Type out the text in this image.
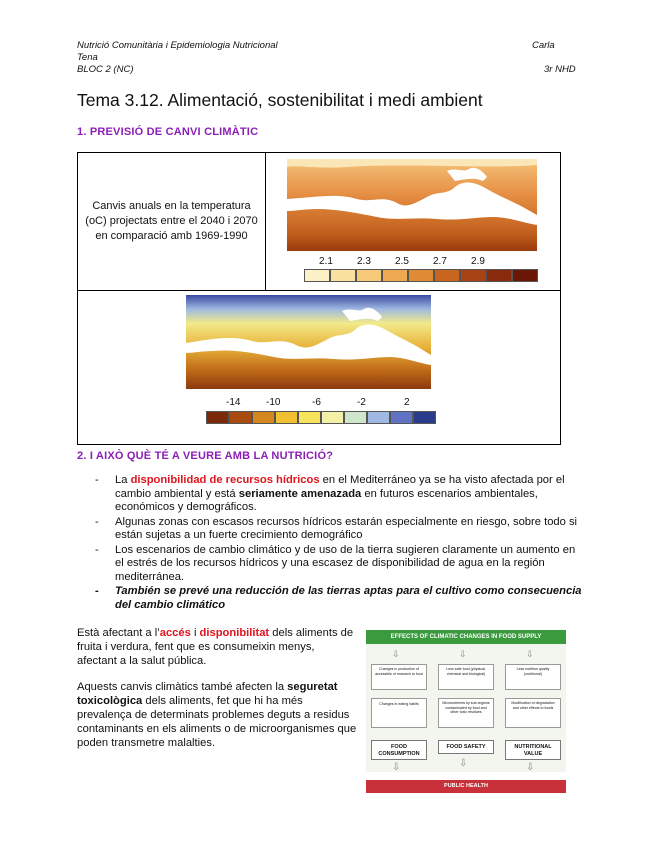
Nutrició Comunitària i Epidemiologia Nutricional
Tena
BLOC 2 (NC)
Carla
3r NHD
Tema 3.12. Alimentació, sostenibilitat i medi ambient
1. PREVISIÓ DE CANVI CLIMÀTIC
Canvis anuals en la temperatura (oC) projectats entre el 2040 i 2070 en comparació amb 1969-1990
2.1 2.3 2.5 2.7 2.9
-14	-10	-6	-2	2
2. I AIXÒ QUÈ TÉ A VEURE AMB LA NUTRICIÓ?
- La disponibilidad de recursos hídricos en el Mediterráneo ya se ha visto afectada por el cambio ambiental y está seriamente amenazada en futuros escenarios ambientales, económicos y demográficos.
- Algunas zonas con escasos recursos hídricos estarán especialmente en riesgo, sobre todo si están sujetas a un fuerte crecimiento demográfico
- Los escenarios de cambio climático y de uso de la tierra sugieren claramente un aumento en el estrés de los recursos hídricos y una escasez de disponibilidad de agua en la región mediterránea.
- También se prevé una reducción de las tierras aptas para el cultivo como consecuencia del cambio climático

Està afectant a l’accés i disponibilitat dels aliments de fruita i verdura, fent que es consumeixin menys, afectant a la salut pública.

Aquests canvis climàtics també afecten la seguretat toxicològica dels aliments, fet que hi ha més prevalença de determinats problemes deguts a residus contaminants en els aliments o de microorganismes que poden transmetre malalties.

EFFECTS OF CLIMATIC CHANGES IN FOOD SUPPLY
⇩	⇩	⇩
Changes in production of accessible of research to food
Less safe food (physical, chemical and biological)
Less nutrition quality (nutritional)
Changes in eating habits	Micronutrients by sub-regions contaminated by food and other toxic residues
Modification of degradation and other effects to foods
FOOD CONSUMPTION
FOOD SAFETY	NUTRITIONAL VALUE
⇩	⇩	⇩
PUBLIC HEALTH
